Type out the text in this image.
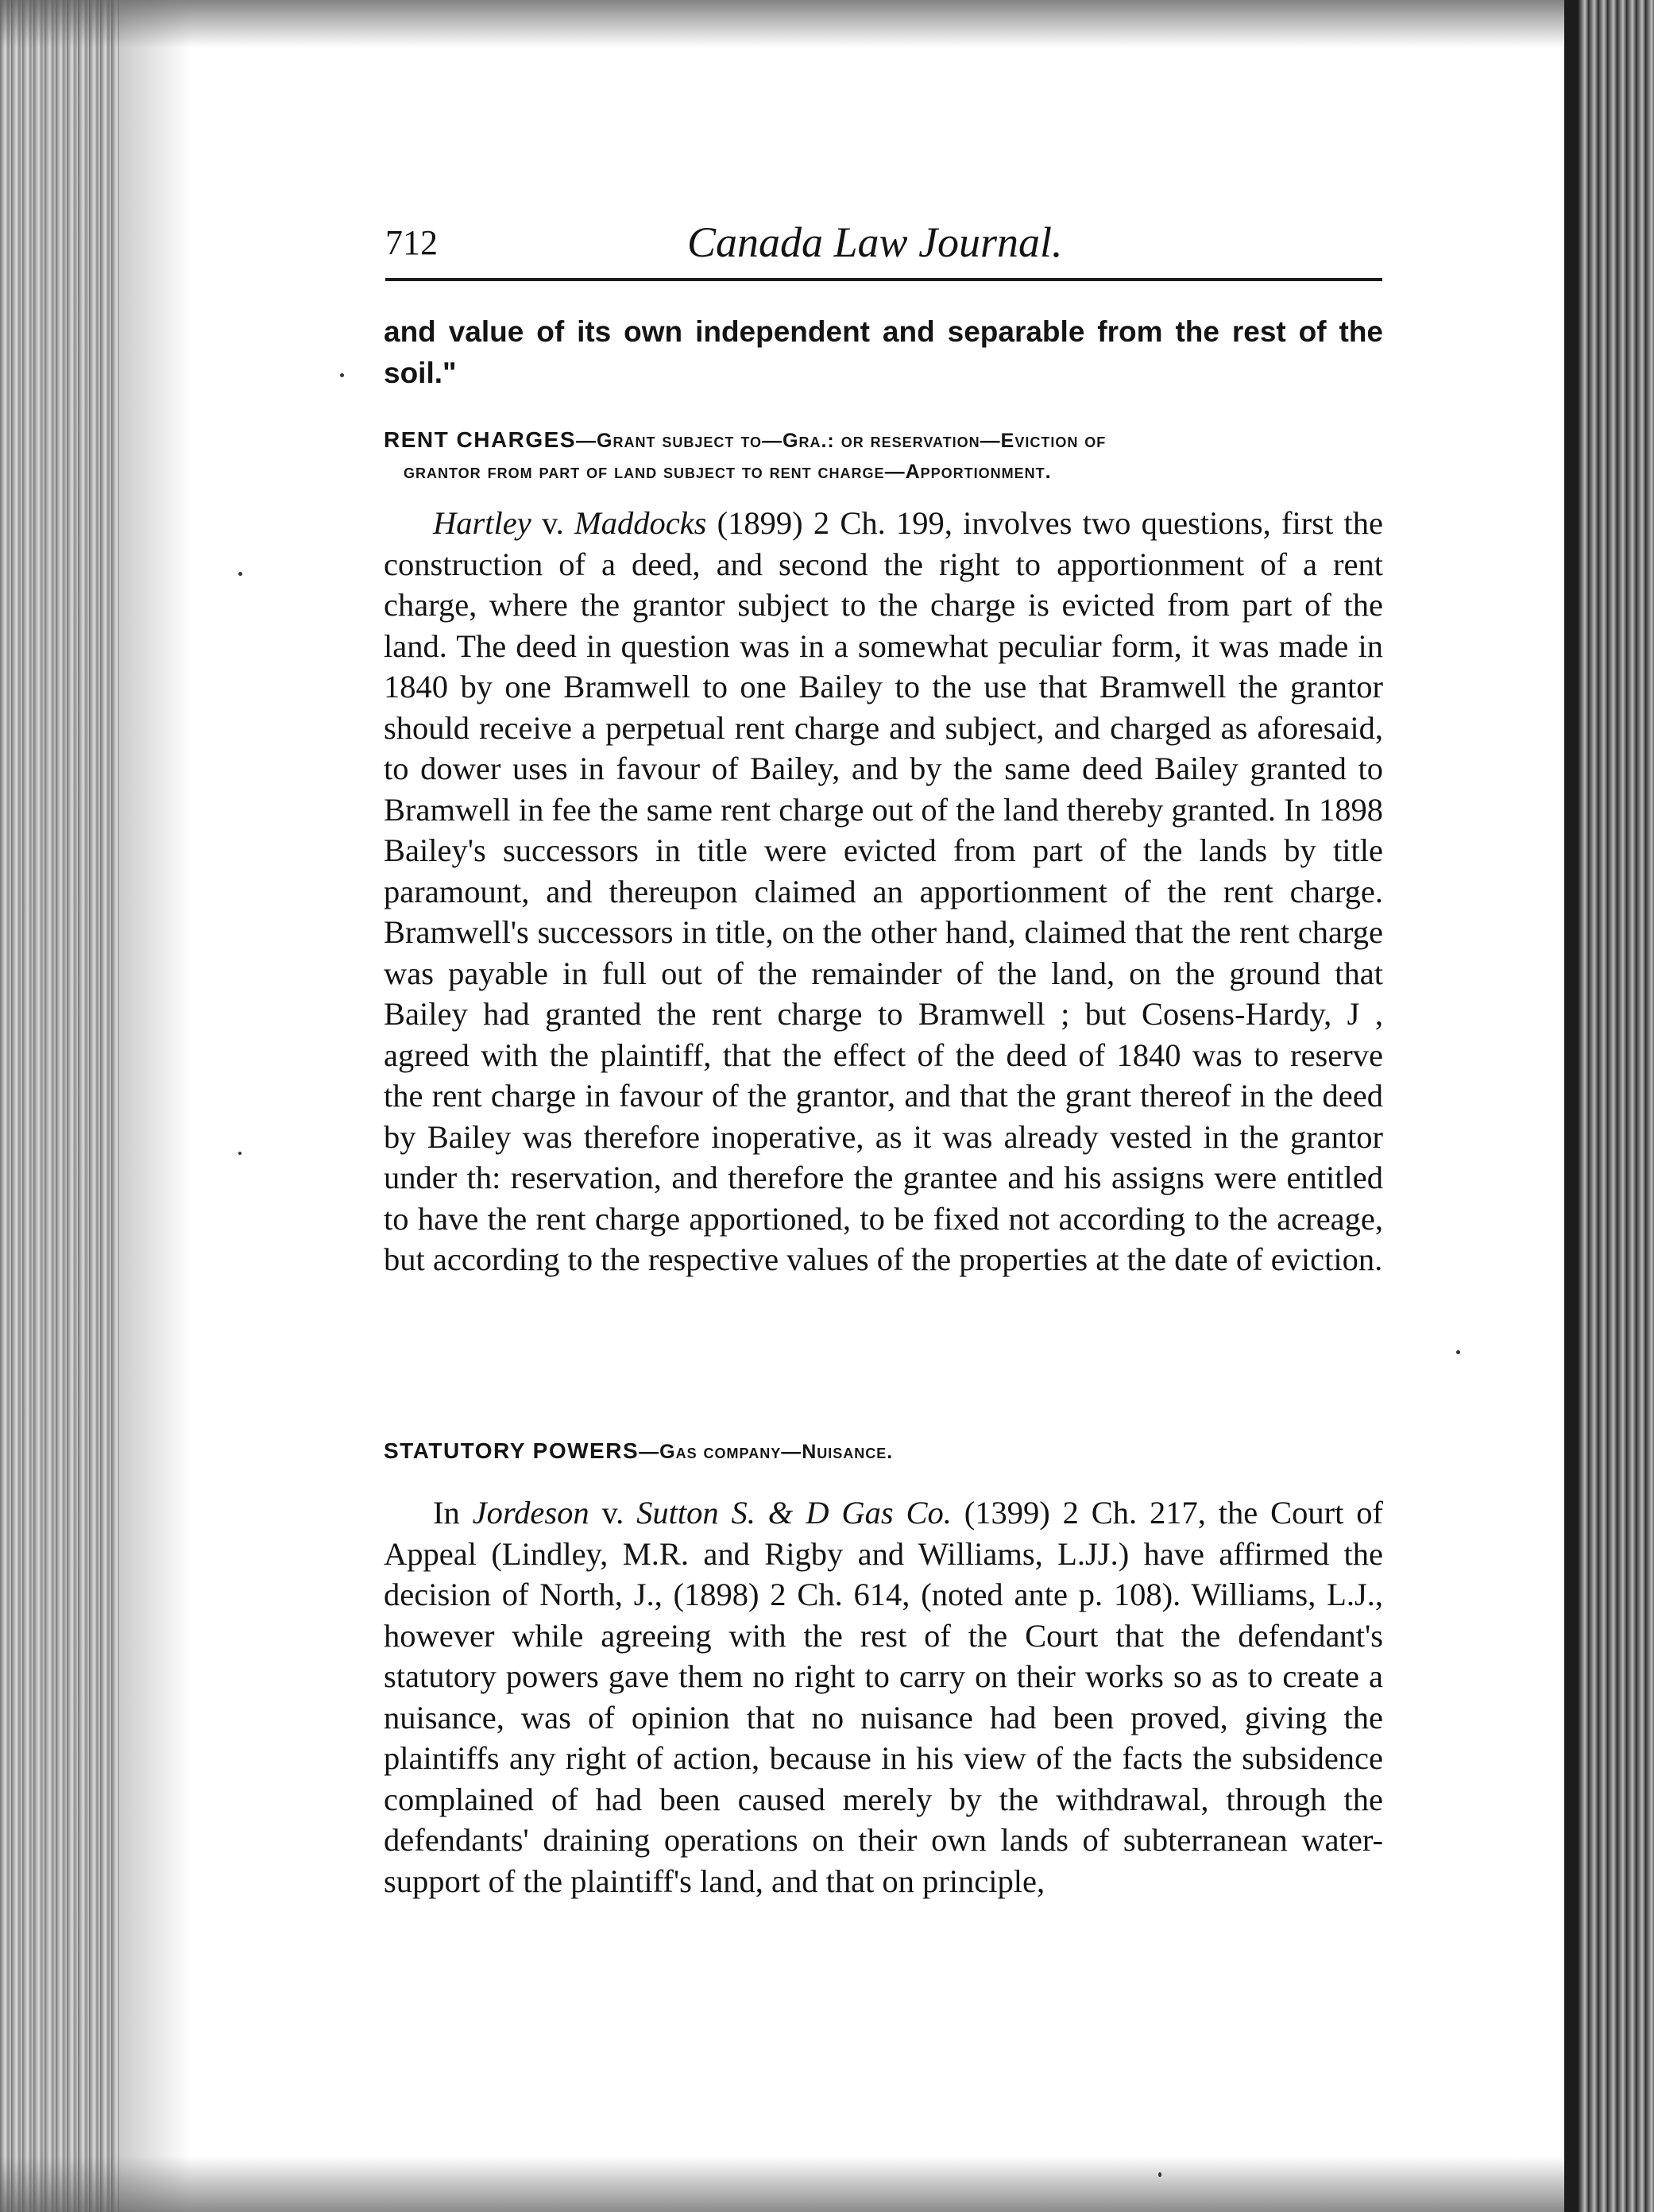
712	Canada Law Journal.
and value of its own independent and separable from the rest of the soil."
RENT CHARGES—Grant subject to—Gra.: or reservation—Eviction of
grantor from part of land subject to rent charge—Apportionment.
Hartley v. Maddocks (1899) 2 Ch. 199, involves two questions, first the construction of a deed, and second the right to apportionment of a rent charge, where the grantor subject to the charge is evicted from part of the land. The deed in question was in a somewhat peculiar form, it was made in 1840 by one Bramwell to one Bailey to the use that Bramwell the grantor should receive a perpetual rent charge and subject, and charged as aforesaid, to dower uses in favour of Bailey, and by the same deed Bailey granted to Bramwell in fee the same rent charge out of the land thereby granted. In 1898 Bailey's successors in title were evicted from part of the lands by title paramount, and thereupon claimed an apportionment of the rent charge. Bramwell's successors in title, on the other hand, claimed that the rent charge was payable in full out of the remainder of the land, on the ground that Bailey had granted the rent charge to Bramwell ; but Cosens-Hardy, J , agreed with the plaintiff, that the effect of the deed of 1840 was to reserve the rent charge in favour of the grantor, and that the grant thereof in the deed by Bailey was therefore inoperative, as it was already vested in the grantor under th: reservation, and therefore the grantee and his assigns were entitled to have the rent charge apportioned, to be fixed not according to the acreage, but according to the respective values of the properties at the date of eviction.
STATUTORY POWERS—Gas company—Nuisance.
In Jordeson v. Sutton S. & D Gas Co. (1399) 2 Ch. 217, the Court of Appeal (Lindley, M.R. and Rigby and Williams, L.JJ.) have affirmed the decision of North, J., (1898) 2 Ch. 614, (noted ante p. 108). Williams, L.J., however while agreeing with the rest of the Court that the defendant's statutory powers gave them no right to carry on their works so as to create a nuisance, was of opinion that no nuisance had been proved, giving the plaintiffs any right of action, because in his view of the facts the subsidence complained of had been caused merely by the withdrawal, through the defendants' draining operations on their own lands of subterranean water-support of the plaintiff's land, and that on principle,
